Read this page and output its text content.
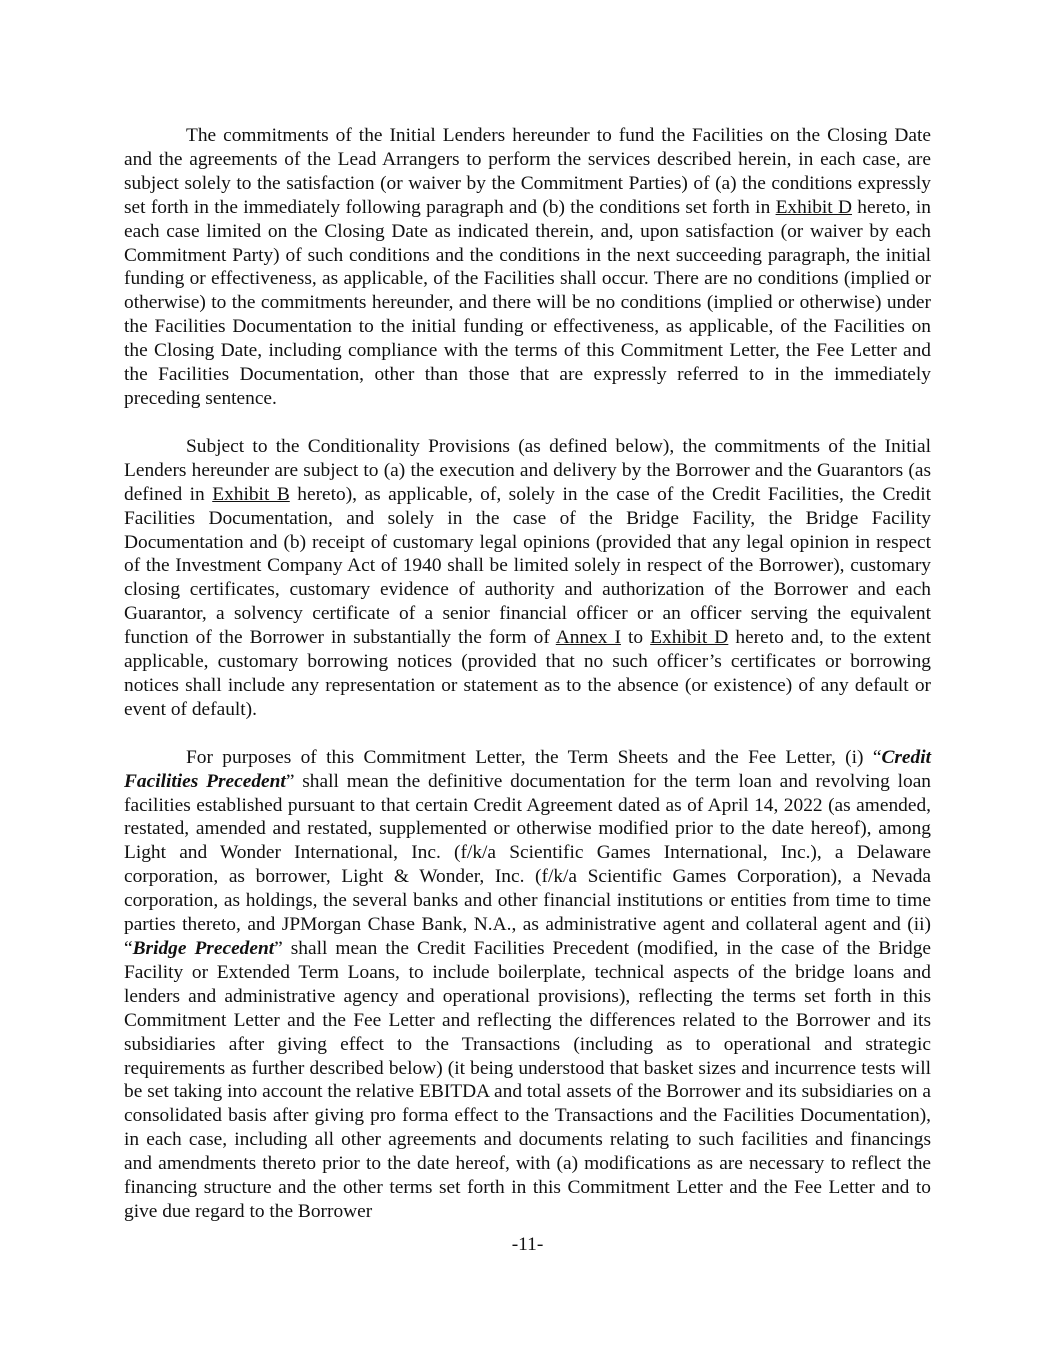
The commitments of the Initial Lenders hereunder to fund the Facilities on the Closing Date and the agreements of the Lead Arrangers to perform the services described herein, in each case, are subject solely to the satisfaction (or waiver by the Commitment Parties) of (a) the conditions expressly set forth in the immediately following paragraph and (b) the conditions set forth in Exhibit D hereto, in each case limited on the Closing Date as indicated therein, and, upon satisfaction (or waiver by each Commitment Party) of such conditions and the conditions in the next succeeding paragraph, the initial funding or effectiveness, as applicable, of the Facilities shall occur. There are no conditions (implied or otherwise) to the commitments hereunder, and there will be no conditions (implied or otherwise) under the Facilities Documentation to the initial funding or effectiveness, as applicable, of the Facilities on the Closing Date, including compliance with the terms of this Commitment Letter, the Fee Letter and the Facilities Documentation, other than those that are expressly referred to in the immediately preceding sentence.

Subject to the Conditionality Provisions (as defined below), the commitments of the Initial Lenders hereunder are subject to (a) the execution and delivery by the Borrower and the Guarantors (as defined in Exhibit B hereto), as applicable, of, solely in the case of the Credit Facilities, the Credit Facilities Documentation, and solely in the case of the Bridge Facility, the Bridge Facility Documentation and (b) receipt of customary legal opinions (provided that any legal opinion in respect of the Investment Company Act of 1940 shall be limited solely in respect of the Borrower), customary closing certificates, customary evidence of authority and authorization of the Borrower and each Guarantor, a solvency certificate of a senior financial officer or an officer serving the equivalent function of the Borrower in substantially the form of Annex I to Exhibit D hereto and, to the extent applicable, customary borrowing notices (provided that no such officer’s certificates or borrowing notices shall include any representation or statement as to the absence (or existence) of any default or event of default).

For purposes of this Commitment Letter, the Term Sheets and the Fee Letter, (i) “Credit Facilities Precedent” shall mean the definitive documentation for the term loan and revolving loan facilities established pursuant to that certain Credit Agreement dated as of April 14, 2022 (as amended, restated, amended and restated, supplemented or otherwise modified prior to the date hereof), among Light and Wonder International, Inc. (f/k/a Scientific Games International, Inc.), a Delaware corporation, as borrower, Light & Wonder, Inc. (f/k/a Scientific Games Corporation), a Nevada corporation, as holdings, the several banks and other financial institutions or entities from time to time parties thereto, and JPMorgan Chase Bank, N.A., as administrative agent and collateral agent and (ii) “Bridge Precedent” shall mean the Credit Facilities Precedent (modified, in the case of the Bridge Facility or Extended Term Loans, to include boilerplate, technical aspects of the bridge loans and lenders and administrative agency and operational provisions), reflecting the terms set forth in this Commitment Letter and the Fee Letter and reflecting the differences related to the Borrower and its subsidiaries after giving effect to the Transactions (including as to operational and strategic requirements as further described below) (it being understood that basket sizes and incurrence tests will be set taking into account the relative EBITDA and total assets of the Borrower and its subsidiaries on a consolidated basis after giving pro forma effect to the Transactions and the Facilities Documentation), in each case, including all other agreements and documents relating to such facilities and financings and amendments thereto prior to the date hereof, with (a) modifications as are necessary to reflect the financing structure and the other terms set forth in this Commitment Letter and the Fee Letter and to give due regard to the Borrower

-11-
